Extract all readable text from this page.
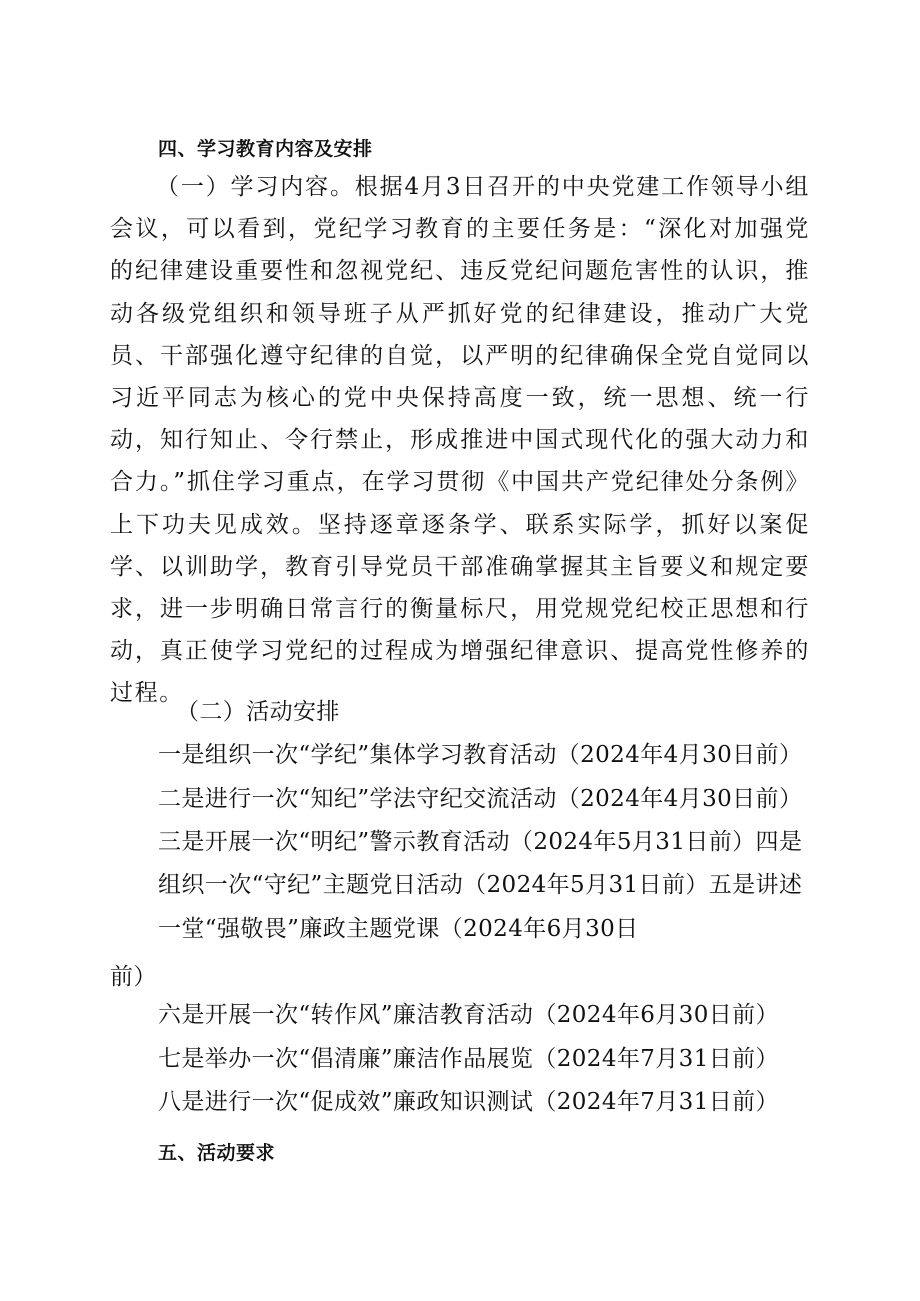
四、学习教育内容及安排
（一）学习内容。根据4月3日召开的中央党建工作领导小组会议，可以看到，党纪学习教育的主要任务是：“深化对加强党的纪律建设重要性和忽视党纪、违反党纪问题危害性的认识，推动各级党组织和领导班子从严抓好党的纪律建设，推动广大党员、干部强化遵守纪律的自觉，以严明的纪律确保全党自觉同以习近平同志为核心的党中央保持高度一致，统一思想、统一行动，知行知止、令行禁止，形成推进中国式现代化的强大动力和合力。”抓住学习重点，在学习贯彻《中国共产党纪律处分条例》上下功夫见成效。坚持逐章逐条学、联系实际学，抓好以案促学、以训助学，教育引导党员干部准确掌握其主旨要义和规定要求，进一步明确日常言行的衡量标尺，用党规党纪校正思想和行动，真正使学习党纪的过程成为增强纪律意识、提高党性修养的过程。
（二）活动安排
一是组织一次“学纪”集体学习教育活动（2024年4月30日前）
二是进行一次“知纪”学法守纪交流活动（2024年4月30日前）
三是开展一次“明纪”警示教育活动（2024年5月31日前）四是
组织一次“守纪”主题党日活动（2024年5月31日前）五是讲述
一堂“强敬畏”廉政主题党课（2024年6月30日
前）
六是开展一次“转作风”廉洁教育活动（2024年6月30日前）
七是举办一次“倡清廉”廉洁作品展览（2024年7月31日前）
八是进行一次“促成效”廉政知识测试（2024年7月31日前）
五、活动要求
